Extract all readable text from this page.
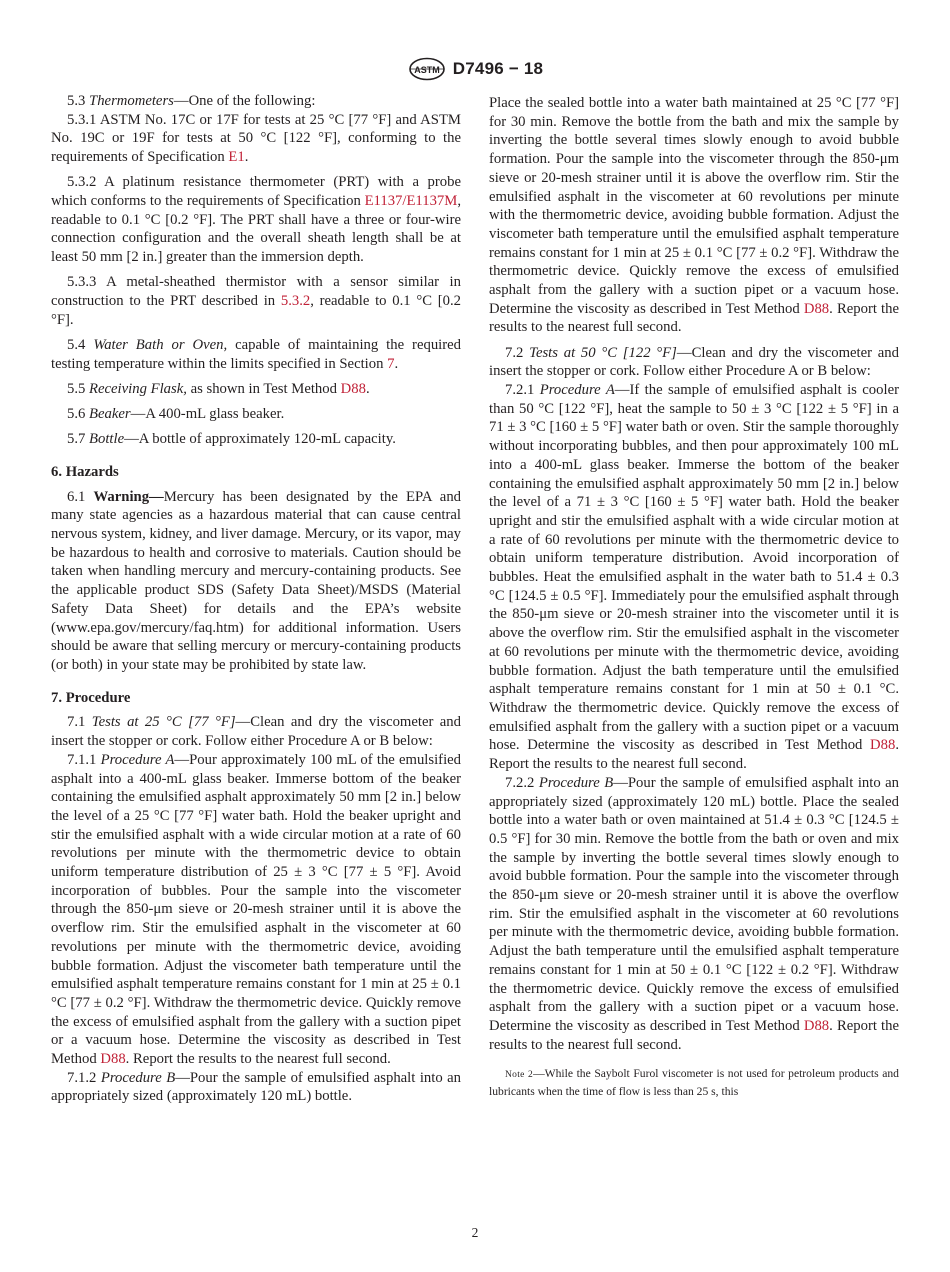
ASTM D7496 − 18

5.3 Thermometers—One of the following:

5.3.1 ASTM No. 17C or 17F for tests at 25 °C [77 °F] and ASTM No. 19C or 19F for tests at 50 °C [122 °F], conforming to the requirements of Specification E1.

5.3.2 A platinum resistance thermometer (PRT) with a probe which conforms to the requirements of Specification E1137/E1137M, readable to 0.1 °C [0.2 °F]. The PRT shall have a three or four-wire connection configuration and the overall sheath length shall be at least 50 mm [2 in.] greater than the immersion depth.

5.3.3 A metal-sheathed thermistor with a sensor similar in construction to the PRT described in 5.3.2, readable to 0.1 °C [0.2 °F].

5.4 Water Bath or Oven, capable of maintaining the required testing temperature within the limits specified in Section 7.

5.5 Receiving Flask, as shown in Test Method D88.

5.6 Beaker—A 400-mL glass beaker.

5.7 Bottle—A bottle of approximately 120-mL capacity.

6. Hazards

6.1 Warning—Mercury has been designated by the EPA and many state agencies as a hazardous material that can cause central nervous system, kidney, and liver damage. Mercury, or its vapor, may be hazardous to health and corrosive to materials. Caution should be taken when handling mercury and mercury-containing products. See the applicable product SDS (Safety Data Sheet)/MSDS (Material Safety Data Sheet) for details and the EPA’s website (www.epa.gov/mercury/faq.htm) for additional information. Users should be aware that selling mercury or mercury-containing products (or both) in your state may be prohibited by state law.

7. Procedure

7.1 Tests at 25 °C [77 °F]—Clean and dry the viscometer and insert the stopper or cork. Follow either Procedure A or B below:

7.1.1 Procedure A—Pour approximately 100 mL of the emulsified asphalt into a 400-mL glass beaker. Immerse bottom of the beaker containing the emulsified asphalt approximately 50 mm [2 in.] below the level of a 25 °C [77 °F] water bath. Hold the beaker upright and stir the emulsified asphalt with a wide circular motion at a rate of 60 revolutions per minute with the thermometric device to obtain uniform temperature distribution of 25 ± 3 °C [77 ± 5 °F]. Avoid incorporation of bubbles. Pour the sample into the viscometer through the 850-μm sieve or 20-mesh strainer until it is above the overflow rim. Stir the emulsified asphalt in the viscometer at 60 revolutions per minute with the thermometric device, avoiding bubble formation. Adjust the viscometer bath temperature until the emulsified asphalt temperature remains constant for 1 min at 25 ± 0.1 °C [77 ± 0.2 °F]. Withdraw the thermometric device. Quickly remove the excess of emulsified asphalt from the gallery with a suction pipet or a vacuum hose. Determine the viscosity as described in Test Method D88. Report the results to the nearest full second.

7.1.2 Procedure B—Pour the sample of emulsified asphalt into an appropriately sized (approximately 120 mL) bottle.

Place the sealed bottle into a water bath maintained at 25 °C [77 °F] for 30 min. Remove the bottle from the bath and mix the sample by inverting the bottle several times slowly enough to avoid bubble formation. Pour the sample into the viscometer through the 850-μm sieve or 20-mesh strainer until it is above the overflow rim. Stir the emulsified asphalt in the viscometer at 60 revolutions per minute with the thermometric device, avoiding bubble formation. Adjust the viscometer bath temperature until the emulsified asphalt temperature remains constant for 1 min at 25 ± 0.1 °C [77 ± 0.2 °F]. Withdraw the thermometric device. Quickly remove the excess of emulsified asphalt from the gallery with a suction pipet or a vacuum hose. Determine the viscosity as described in Test Method D88. Report the results to the nearest full second.

7.2 Tests at 50 °C [122 °F]—Clean and dry the viscometer and insert the stopper or cork. Follow either Procedure A or B below:

7.2.1 Procedure A—If the sample of emulsified asphalt is cooler than 50 °C [122 °F], heat the sample to 50 ± 3 °C [122 ± 5 °F] in a 71 ± 3 °C [160 ± 5 °F] water bath or oven. Stir the sample thoroughly without incorporating bubbles, and then pour approximately 100 mL into a 400-mL glass beaker. Immerse the bottom of the beaker containing the emulsified asphalt approximately 50 mm [2 in.] below the level of a 71 ± 3 °C [160 ± 5 °F] water bath. Hold the beaker upright and stir the emulsified asphalt with a wide circular motion at a rate of 60 revolutions per minute with the thermometric device to obtain uniform temperature distribution. Avoid incorporation of bubbles. Heat the emulsified asphalt in the water bath to 51.4 ± 0.3 °C [124.5 ± 0.5 °F]. Immediately pour the emulsified asphalt through the 850-μm sieve or 20-mesh strainer into the viscometer until it is above the overflow rim. Stir the emulsified asphalt in the viscometer at 60 revolutions per minute with the thermometric device, avoiding bubble formation. Adjust the bath temperature until the emulsified asphalt temperature remains constant for 1 min at 50 ± 0.1 °C. Withdraw the thermometric device. Quickly remove the excess of emulsified asphalt from the gallery with a suction pipet or a vacuum hose. Determine the viscosity as described in Test Method D88. Report the results to the nearest full second.

7.2.2 Procedure B—Pour the sample of emulsified asphalt into an appropriately sized (approximately 120 mL) bottle. Place the sealed bottle into a water bath or oven maintained at 51.4 ± 0.3 °C [124.5 ± 0.5 °F] for 30 min. Remove the bottle from the bath or oven and mix the sample by inverting the bottle several times slowly enough to avoid bubble formation. Pour the sample into the viscometer through the 850-μm sieve or 20-mesh strainer until it is above the overflow rim. Stir the emulsified asphalt in the viscometer at 60 revolutions per minute with the thermometric device, avoiding bubble formation. Adjust the bath temperature until the emulsified asphalt temperature remains constant for 1 min at 50 ± 0.1 °C [122 ± 0.2 °F]. Withdraw the thermometric device. Quickly remove the excess of emulsified asphalt from the gallery with a suction pipet or a vacuum hose. Determine the viscosity as described in Test Method D88. Report the results to the nearest full second.

Note 2—While the Saybolt Furol viscometer is not used for petroleum products and lubricants when the time of flow is less than 25 s, this

2
